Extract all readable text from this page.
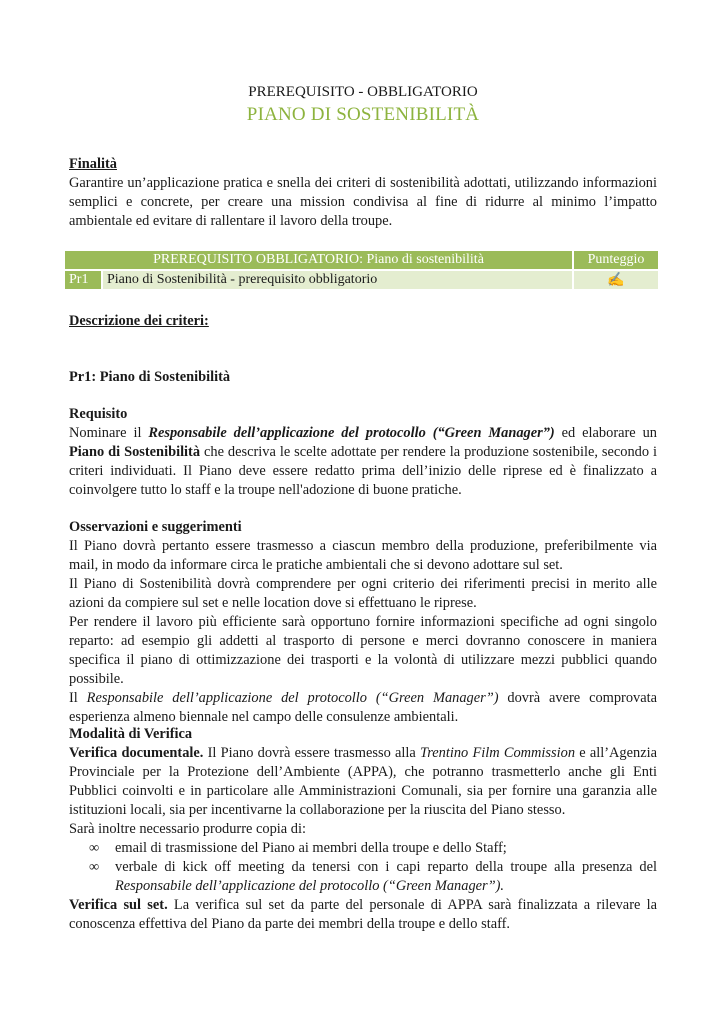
PREREQUISITO - OBBLIGATORIO
PIANO DI SOSTENIBILITÀ
Finalità
Garantire un’applicazione pratica e snella dei criteri di sostenibilità adottati, utilizzando informazioni semplici e concrete, per creare una mission condivisa al fine di ridurre al minimo l’impatto ambientale ed evitare di rallentare il lavoro della troupe.
PREREQUISITO OBBLIGATORIO: Piano di sostenibilità		Punteggio
Pr1	Piano di Sostenibilità - prerequisito obbligatorio	✍
Descrizione dei criteri:
Pr1: Piano di Sostenibilità
Requisito
Nominare il Responsabile dell’applicazione del protocollo (“Green Manager”) ed elaborare un Piano di Sostenibilità che descriva le scelte adottate per rendere la produzione sostenibile, secondo i criteri individuati. Il Piano deve essere redatto prima dell’inizio delle riprese ed è finalizzato a coinvolgere tutto lo staff e la troupe nell'adozione di buone pratiche.
Osservazioni e suggerimenti
Il Piano dovrà pertanto essere trasmesso a ciascun membro della produzione, preferibilmente via mail, in modo da informare circa le pratiche ambientali che si devono adottare sul set.
Il Piano di Sostenibilità dovrà comprendere per ogni criterio dei riferimenti precisi in merito alle azioni da compiere sul set e nelle location dove si effettuano le riprese.
Per rendere il lavoro più efficiente sarà opportuno fornire informazioni specifiche ad ogni singolo reparto: ad esempio gli addetti al trasporto di persone e merci dovranno conoscere in maniera specifica il piano di ottimizzazione dei trasporti e la volontà di utilizzare mezzi pubblici quando possibile.
Il Responsabile dell’applicazione del protocollo (“Green Manager”) dovrà avere comprovata esperienza almeno biennale nel campo delle consulenze ambientali.
Modalità di Verifica
Verifica documentale. Il Piano dovrà essere trasmesso alla Trentino Film Commission e all’Agenzia Provinciale per la Protezione dell’Ambiente (APPA), che potranno trasmetterlo anche gli Enti Pubblici coinvolti e in particolare alle Amministrazioni Comunali, sia per fornire una garanzia alle istituzioni locali, sia per incentivarne la collaborazione per la riuscita del Piano stesso.
Sarà inoltre necessario produrre copia di:
∞ email di trasmissione del Piano ai membri della troupe e dello Staff;
∞ verbale di kick off meeting da tenersi con i capi reparto della troupe alla presenza del Responsabile dell’applicazione del protocollo (“Green Manager”).
Verifica sul set. La verifica sul set da parte del personale di APPA sarà finalizzata a rilevare la conoscenza effettiva del Piano da parte dei membri della troupe e dello staff.
